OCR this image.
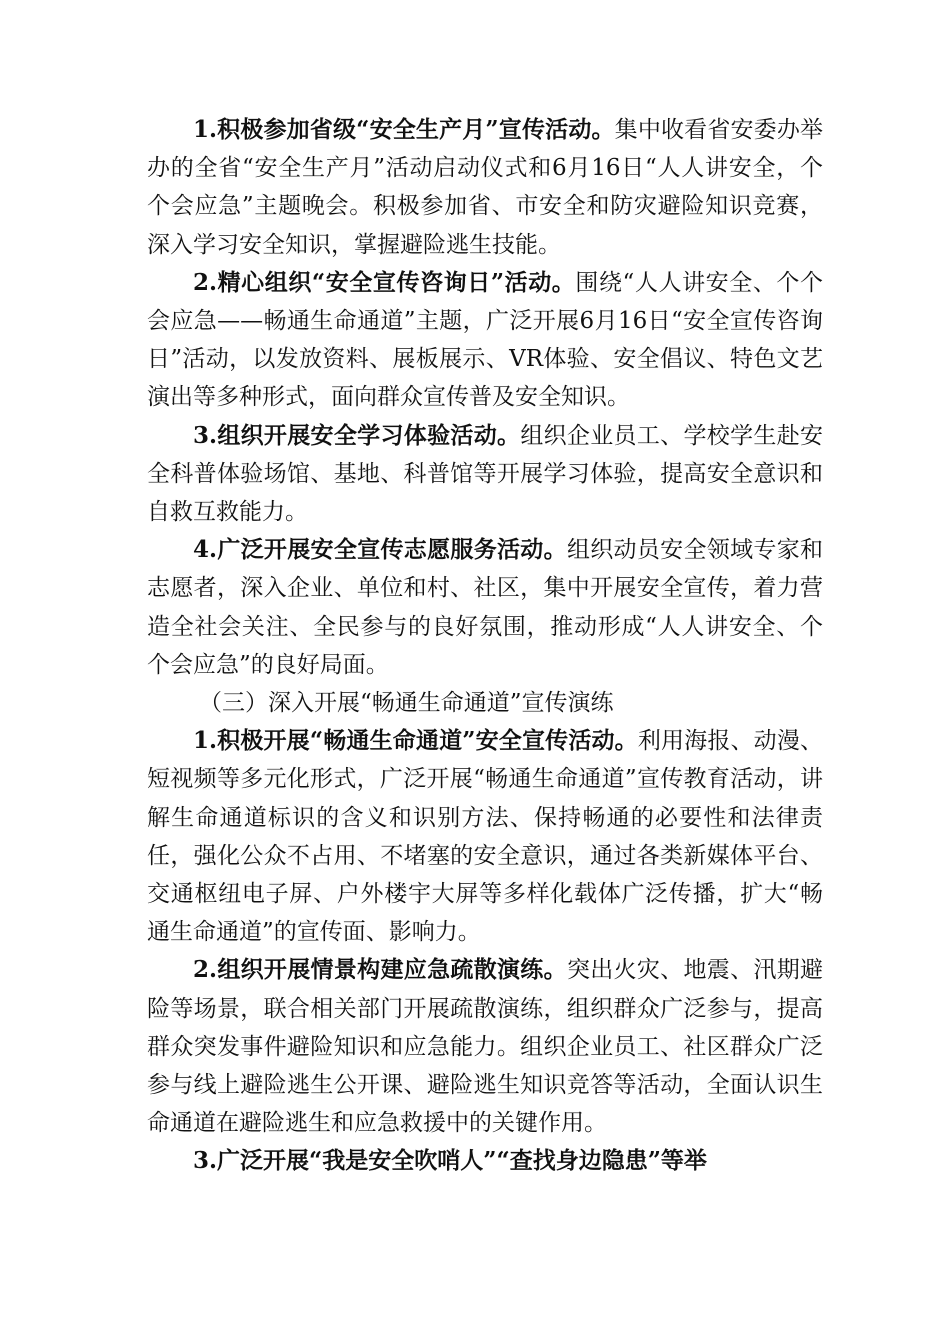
1.积极参加省级“安全生产月”宣传活动。集中收看省安委办举办的全省“安全生产月”活动启动仪式和6月16日“人人讲安全，个个会应急”主题晚会。积极参加省、市安全和防灾避险知识竞赛，深入学习安全知识，掌握避险逃生技能。

2.精心组织“安全宣传咨询日”活动。围绕“人人讲安全、个个会应急——畅通生命通道”主题，广泛开展6月16日“安全宣传咨询日”活动，以发放资料、展板展示、VR体验、安全倡议、特色文艺演出等多种形式，面向群众宣传普及安全知识。

3.组织开展安全学习体验活动。组织企业员工、学校学生赴安全科普体验场馆、基地、科普馆等开展学习体验，提高安全意识和自救互救能力。

4.广泛开展安全宣传志愿服务活动。组织动员安全领域专家和志愿者，深入企业、单位和村、社区，集中开展安全宣传，着力营造全社会关注、全民参与的良好氛围，推动形成“人人讲安全、个个会应急”的良好局面。

（三）深入开展“畅通生命通道”宣传演练

1.积极开展“畅通生命通道”安全宣传活动。利用海报、动漫、短视频等多元化形式，广泛开展“畅通生命通道”宣传教育活动，讲解生命通道标识的含义和识别方法、保持畅通的必要性和法律责任，强化公众不占用、不堵塞的安全意识，通过各类新媒体平台、交通枢纽电子屏、户外楼宇大屏等多样化载体广泛传播，扩大“畅通生命通道”的宣传面、影响力。

2.组织开展情景构建应急疏散演练。突出火灾、地震、汛期避险等场景，联合相关部门开展疏散演练，组织群众广泛参与，提高群众突发事件避险知识和应急能力。组织企业员工、社区群众广泛参与线上避险逃生公开课、避险逃生知识竞答等活动，全面认识生命通道在避险逃生和应急救援中的关键作用。

3.广泛开展“我是安全吹哨人”“查找身边隐患”等举
